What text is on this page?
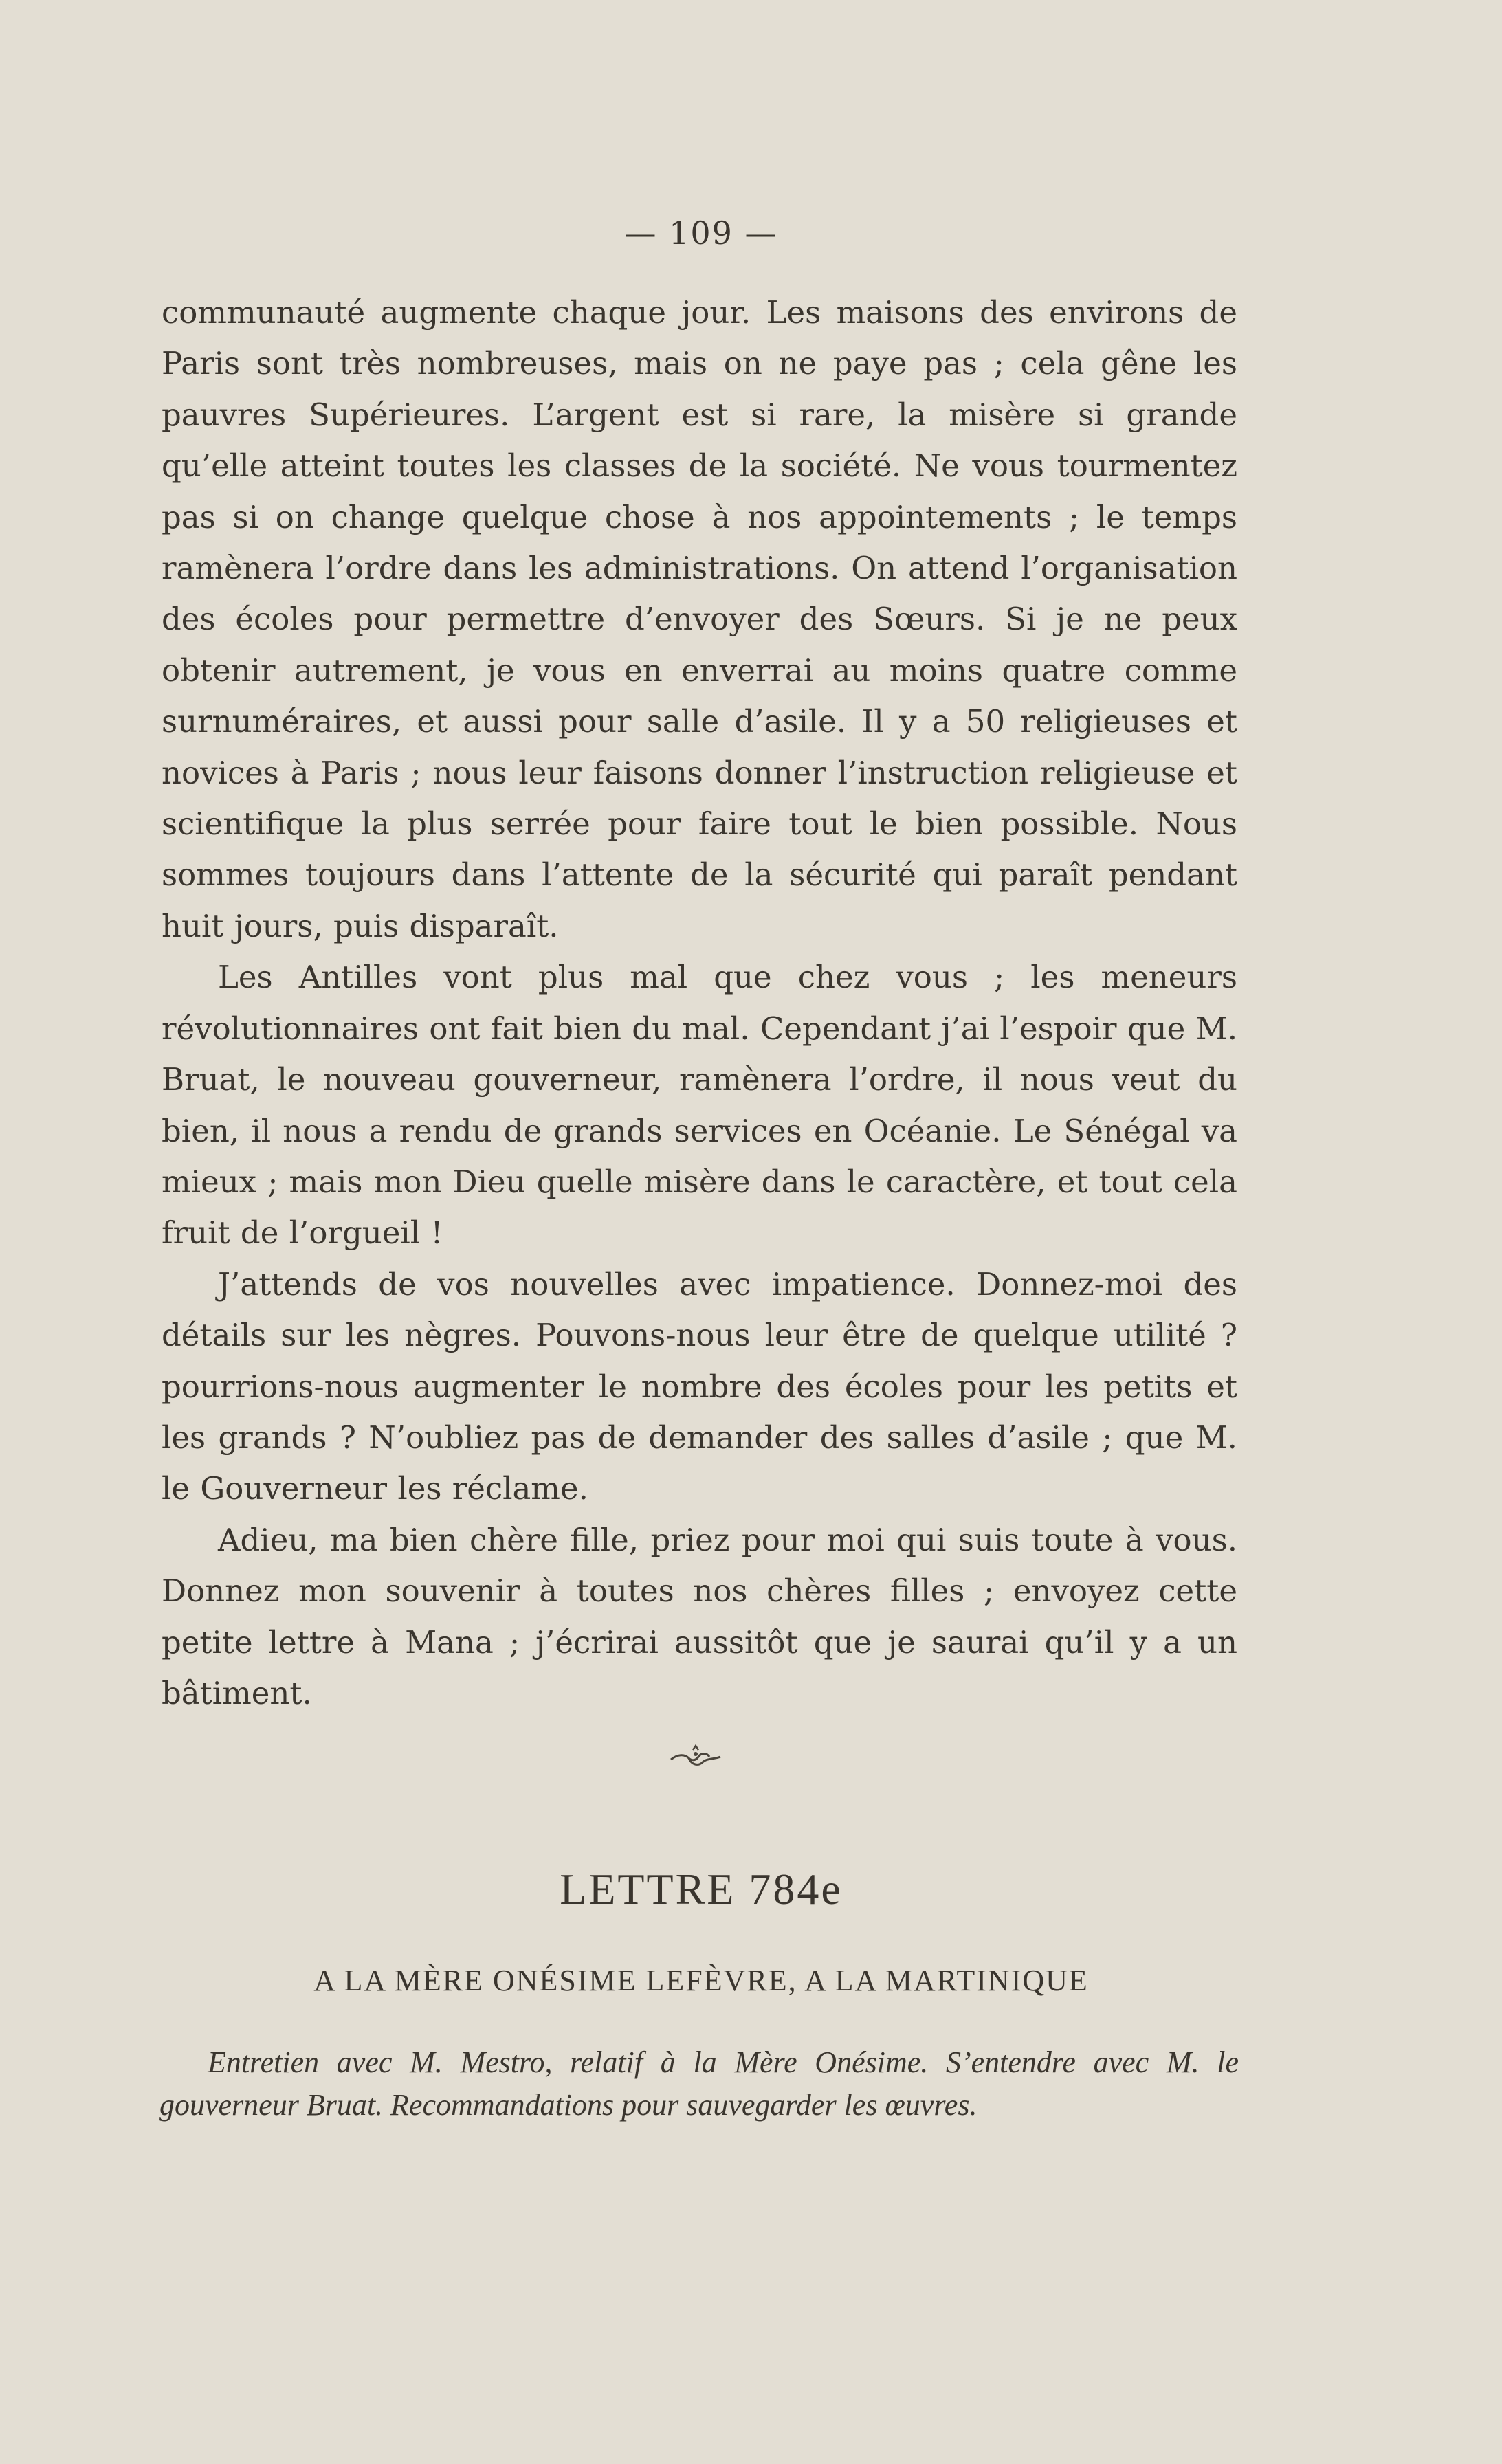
— 109 —

communauté augmente chaque jour. Les maisons des environs de Paris sont très nombreuses, mais on ne paye pas ; cela gêne les pauvres Supérieures. L’argent est si rare, la misère si grande qu’elle atteint toutes les classes de la société. Ne vous tourmentez pas si on change quelque chose à nos appointements ; le temps ramènera l’ordre dans les administrations. On attend l’organisation des écoles pour permettre d’envoyer des Sœurs. Si je ne peux obtenir autrement, je vous en enverrai au moins quatre comme surnuméraires, et aussi pour salle d’asile. Il y a 50 religieuses et novices à Paris ; nous leur faisons donner l’instruction religieuse et scientifique la plus serrée pour faire tout le bien possible. Nous sommes toujours dans l’attente de la sécurité qui paraît pendant huit jours, puis disparaît.

Les Antilles vont plus mal que chez vous ; les meneurs révolutionnaires ont fait bien du mal. Cependant j’ai l’espoir que M. Bruat, le nouveau gouverneur, ramènera l’ordre, il nous veut du bien, il nous a rendu de grands services en Océanie. Le Sénégal va mieux ; mais mon Dieu quelle misère dans le caractère, et tout cela fruit de l’orgueil !

J’attends de vos nouvelles avec impatience. Donnez-moi des détails sur les nègres. Pouvons-nous leur être de quelque utilité ? pourrions-nous augmenter le nombre des écoles pour les petits et les grands ? N’oubliez pas de demander des salles d’asile ; que M. le Gouverneur les réclame.

Adieu, ma bien chère fille, priez pour moi qui suis toute à vous. Donnez mon souvenir à toutes nos chères filles ; envoyez cette petite lettre à Mana ; j’écrirai aussitôt que je saurai qu’il y a un bâtiment.

LETTRE 784e
A LA MÈRE ONÉSIME LEFÈVRE, A LA MARTINIQUE

Entretien avec M. Mestro, relatif à la Mère Onésime. S’entendre avec M. le gouverneur Bruat. Recommandations pour sauvegarder les œuvres.
